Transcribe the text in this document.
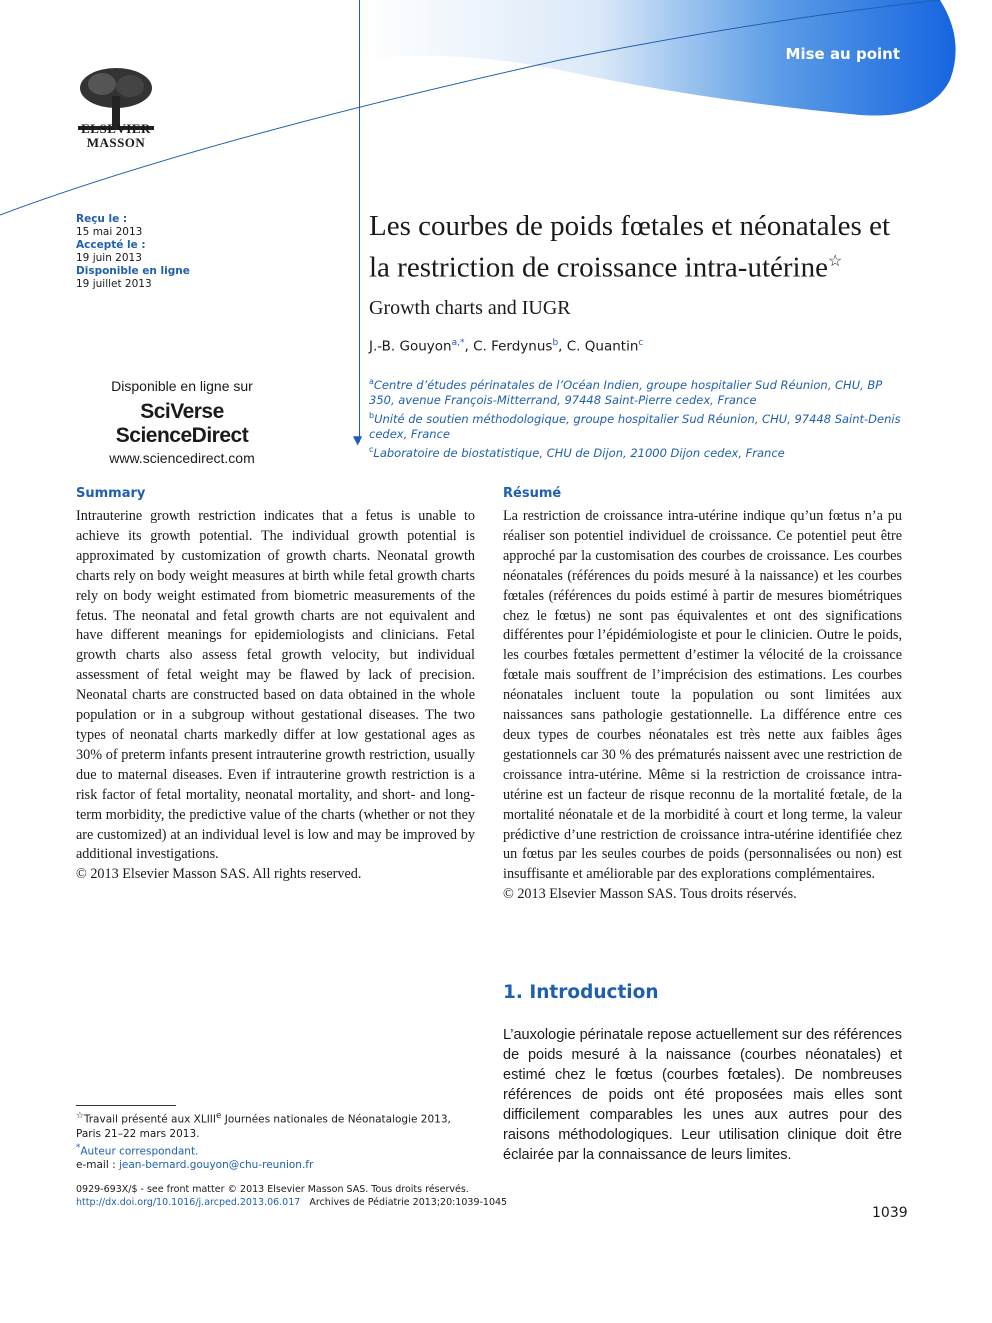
Mise au point
ELSEVIER
MASSON
Reçu le :
15 mai 2013
Accepté le :
19 juin 2013
Disponible en ligne
19 juillet 2013
Disponible en ligne sur
SciVerse ScienceDirect
www.sciencedirect.com
▼
Les courbes de poids fœtales et néonatales et la restriction de croissance intra-utérine☆
Growth charts and IUGR
J.-B. Gouyon$^{a,*}$, C. Ferdynus$^b$, C. Quantin$^c$
$^a$Centre d’études périnatales de l’Océan Indien, groupe hospitalier Sud Réunion, CHU, BP 350, avenue François-Mitterrand, 97448 Saint-Pierre cedex, France
$^b$Unité de soutien méthodologique, groupe hospitalier Sud Réunion, CHU, 97448 Saint-Denis cedex, France
$^c$Laboratoire de biostatistique, CHU de Dijon, 21000 Dijon cedex, France
Summary
Intrauterine growth restriction indicates that a fetus is unable to achieve its growth potential. The individual growth potential is approximated by customization of growth charts. Neonatal growth charts rely on body weight measures at birth while fetal growth charts rely on body weight estimated from biometric measurements of the fetus. The neonatal and fetal growth charts are not equivalent and have different meanings for epidemiologists and clinicians. Fetal growth charts also assess fetal growth velocity, but individual assessment of fetal weight may be flawed by lack of precision. Neonatal charts are constructed based on data obtained in the whole population or in a subgroup without gestational diseases. The two types of neonatal charts markedly differ at low gestational ages as 30% of preterm infants present intrauterine growth restriction, usually due to maternal diseases. Even if intrauterine growth restriction is a risk factor of fetal mortality, neonatal mortality, and short- and long-term morbidity, the predictive value of the charts (whether or not they are customized) at an individual level is low and may be improved by additional investigations.
© 2013 Elsevier Masson SAS. All rights reserved.
Résumé
La restriction de croissance intra-utérine indique qu’un fœtus n’a pu réaliser son potentiel individuel de croissance. Ce potentiel peut être approché par la customisation des courbes de croissance. Les courbes néonatales (références du poids mesuré à la naissance) et les courbes fœtales (références du poids estimé à partir de mesures biométriques chez le fœtus) ne sont pas équivalentes et ont des significations différentes pour l’épidémiologiste et pour le clinicien. Outre le poids, les courbes fœtales permettent d’estimer la vélocité de la croissance fœtale mais souffrent de l’imprécision des estimations. Les courbes néonatales incluent toute la population ou sont limitées aux naissances sans pathologie gestationnelle. La différence entre ces deux types de courbes néonatales est très nette aux faibles âges gestationnels car 30 % des prématurés naissent avec une restriction de croissance intra-utérine. Même si la restriction de croissance intra-utérine est un facteur de risque reconnu de la mortalité fœtale, de la mortalité néonatale et de la morbidité à court et long terme, la valeur prédictive d’une restriction de croissance intra-utérine identifiée chez un fœtus par les seules courbes de poids (personnalisées ou non) est insuffisante et améliorable par des explorations complémentaires.
© 2013 Elsevier Masson SAS. Tous droits réservés.
1. Introduction
L’auxologie périnatale repose actuellement sur des références de poids mesuré à la naissance (courbes néonatales) et estimé chez le fœtus (courbes fœtales). De nombreuses références de poids ont été proposées mais elles sont difficilement comparables les unes aux autres pour des raisons méthodologiques. Leur utilisation clinique doit être éclairée par la connaissance de leurs limites.
☆Travail présenté aux XLIIIe Journées nationales de Néonatalogie 2013, Paris 21–22 mars 2013.
*Auteur correspondant.
e-mail : jean-bernard.gouyon@chu-reunion.fr
0929-693X/$ - see front matter © 2013 Elsevier Masson SAS. Tous droits réservés.
http://dx.doi.org/10.1016/j.arcped.2013.06.017 Archives de Pédiatrie 2013;20:1039-1045
1039
